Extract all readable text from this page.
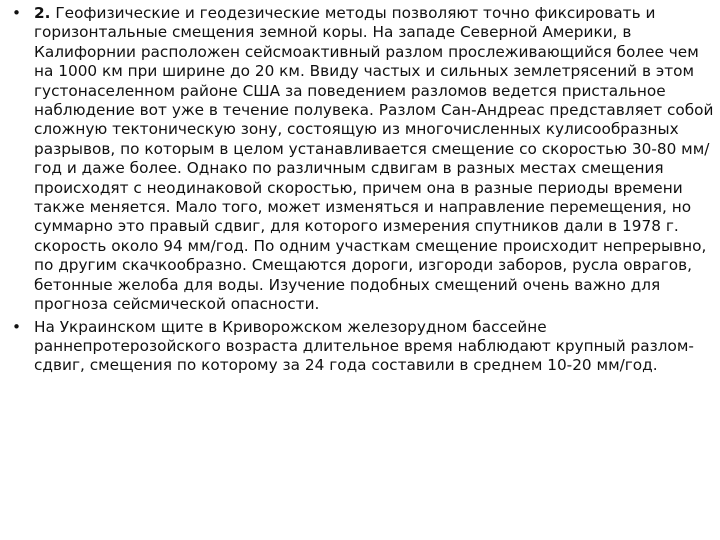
• 2. Геофизические и геодезические методы позволяют точно фиксировать и горизонтальные смещения земной коры. На западе Северной Америки, в Калифорнии расположен сейсмоактивный разлом прослеживающийся более чем на 1000 км при ширине до 20 км. Ввиду частых и сильных землетрясений в этом густонаселенном районе США за поведением разломов ведется пристальное наблюдение вот уже в течение полувека. Разлом Сан-Андреас представляет собой сложную тектоническую зону, состоящую из многочисленных кулисообразных разрывов, по которым в целом устанавливается смещение со скоростью 30-80 мм/год и даже более. Однако по различным сдвигам в разных местах смещения происходят с неодинаковой скоростью, причем она в разные периоды времени также меняется. Мало того, может изменяться и направление перемещения, но суммарно это правый сдвиг, для которого измерения спутников дали в 1978 г. скорость около 94 мм/год. По одним участкам смещение происходит непрерывно, по другим скачкообразно. Смещаются дороги, изгороди заборов, русла оврагов, бетонные желоба для воды. Изучение подобных смещений очень важно для прогноза сейсмической опасности.
• На Украинском щите в Криворожском железорудном бассейне раннепротерозойского возраста длительное время наблюдают крупный разлом-сдвиг, смещения по которому за 24 года составили в среднем 10-20 мм/год.
